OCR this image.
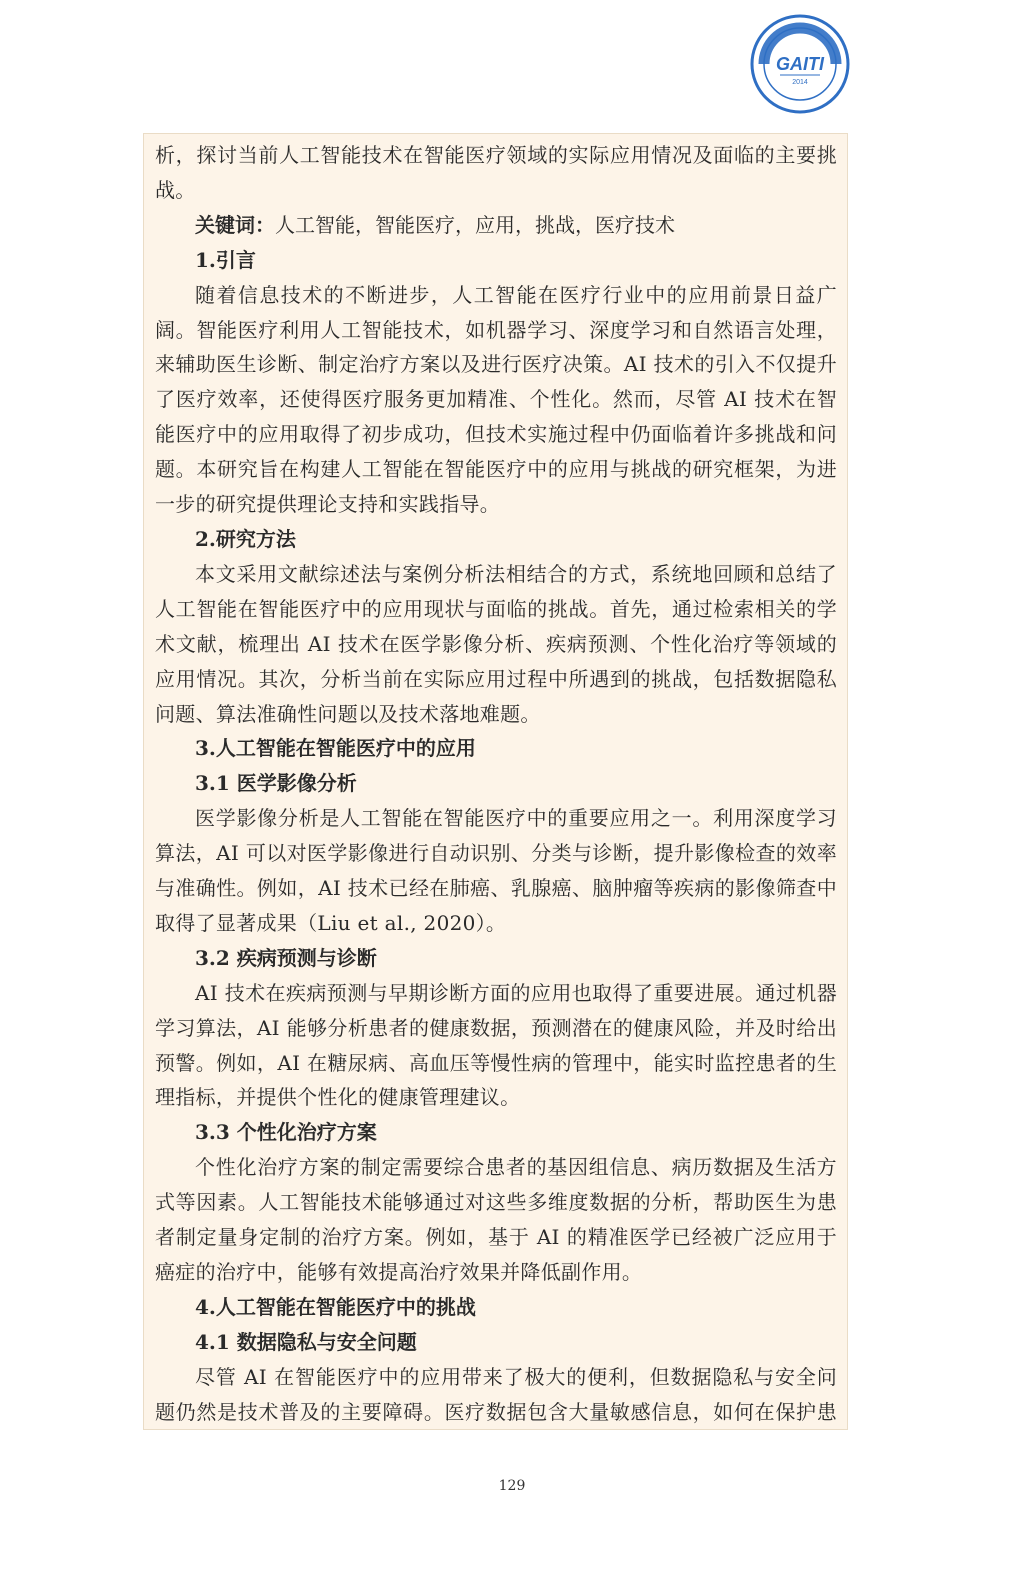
GAITI
2014
析，探讨当前人工智能技术在智能医疗领域的实际应用情况及面临的主要挑
战。
关键词：人工智能，智能医疗，应用，挑战，医疗技术
1.引言
随着信息技术的不断进步，人工智能在医疗行业中的应用前景日益广
阔。智能医疗利用人工智能技术，如机器学习、深度学习和自然语言处理，
来辅助医生诊断、制定治疗方案以及进行医疗决策。AI 技术的引入不仅提升
了医疗效率，还使得医疗服务更加精准、个性化。然而，尽管 AI 技术在智
能医疗中的应用取得了初步成功，但技术实施过程中仍面临着许多挑战和问
题。本研究旨在构建人工智能在智能医疗中的应用与挑战的研究框架，为进
一步的研究提供理论支持和实践指导。
2.研究方法
本文采用文献综述法与案例分析法相结合的方式，系统地回顾和总结了
人工智能在智能医疗中的应用现状与面临的挑战。首先，通过检索相关的学
术文献，梳理出 AI 技术在医学影像分析、疾病预测、个性化治疗等领域的
应用情况。其次，分析当前在实际应用过程中所遇到的挑战，包括数据隐私
问题、算法准确性问题以及技术落地难题。
3.人工智能在智能医疗中的应用
3.1 医学影像分析
医学影像分析是人工智能在智能医疗中的重要应用之一。利用深度学习
算法，AI 可以对医学影像进行自动识别、分类与诊断，提升影像检查的效率
与准确性。例如，AI 技术已经在肺癌、乳腺癌、脑肿瘤等疾病的影像筛查中
取得了显著成果（Liu et al., 2020）。
3.2 疾病预测与诊断
AI 技术在疾病预测与早期诊断方面的应用也取得了重要进展。通过机器
学习算法，AI 能够分析患者的健康数据，预测潜在的健康风险，并及时给出
预警。例如，AI 在糖尿病、高血压等慢性病的管理中，能实时监控患者的生
理指标，并提供个性化的健康管理建议。
3.3 个性化治疗方案
个性化治疗方案的制定需要综合患者的基因组信息、病历数据及生活方
式等因素。人工智能技术能够通过对这些多维度数据的分析，帮助医生为患
者制定量身定制的治疗方案。例如，基于 AI 的精准医学已经被广泛应用于
癌症的治疗中，能够有效提高治疗效果并降低副作用。
4.人工智能在智能医疗中的挑战
4.1 数据隐私与安全问题
尽管 AI 在智能医疗中的应用带来了极大的便利，但数据隐私与安全问
题仍然是技术普及的主要障碍。医疗数据包含大量敏感信息，如何在保护患
129
